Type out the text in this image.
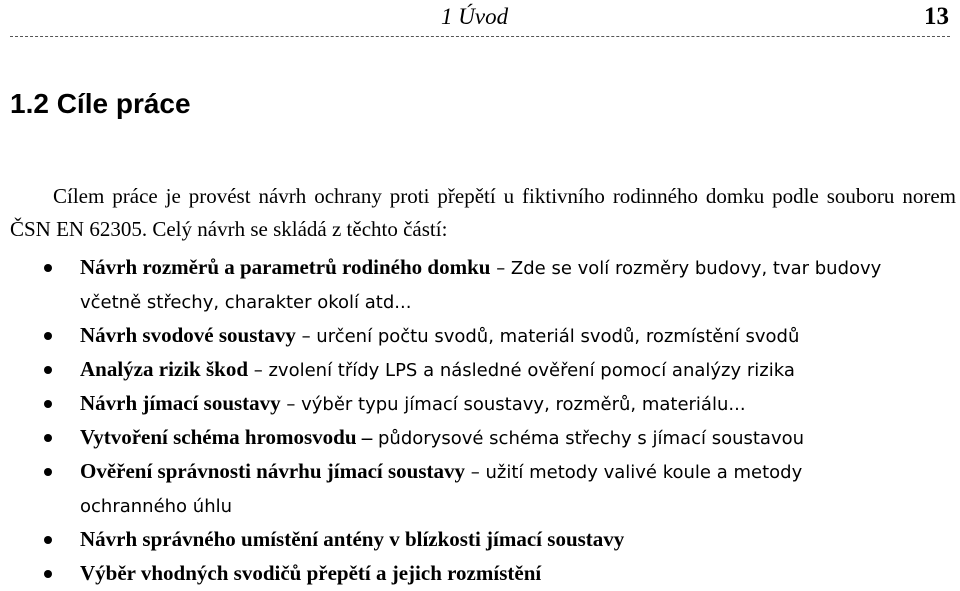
1 Úvod	13
1.2 Cíle práce

Cílem práce je provést návrh ochrany proti přepětí u fiktivního rodinného domku podle souboru norem ČSN EN 62305. Celý návrh se skládá z těchto částí:

Návrh rozměrů a parametrů rodiného domku – Zde se volí rozměry budovy, tvar budovy včetně střechy, charakter okolí atd...
Návrh svodové soustavy – určení počtu svodů, materiál svodů, rozmístění svodů
Analýza rizik škod – zvolení třídy LPS a následné ověření pomocí analýzy rizika
Návrh jímací soustavy – výběr typu jímací soustavy, rozměrů, materiálu...
Vytvoření schéma hromosvodu – půdorysové schéma střechy s jímací soustavou
Ověření správnosti návrhu jímací soustavy – užití metody valivé koule a metody ochranného úhlu
Návrh správného umístění antény v blízkosti jímací soustavy
Výběr vhodných svodičů přepětí a jejich rozmístění
